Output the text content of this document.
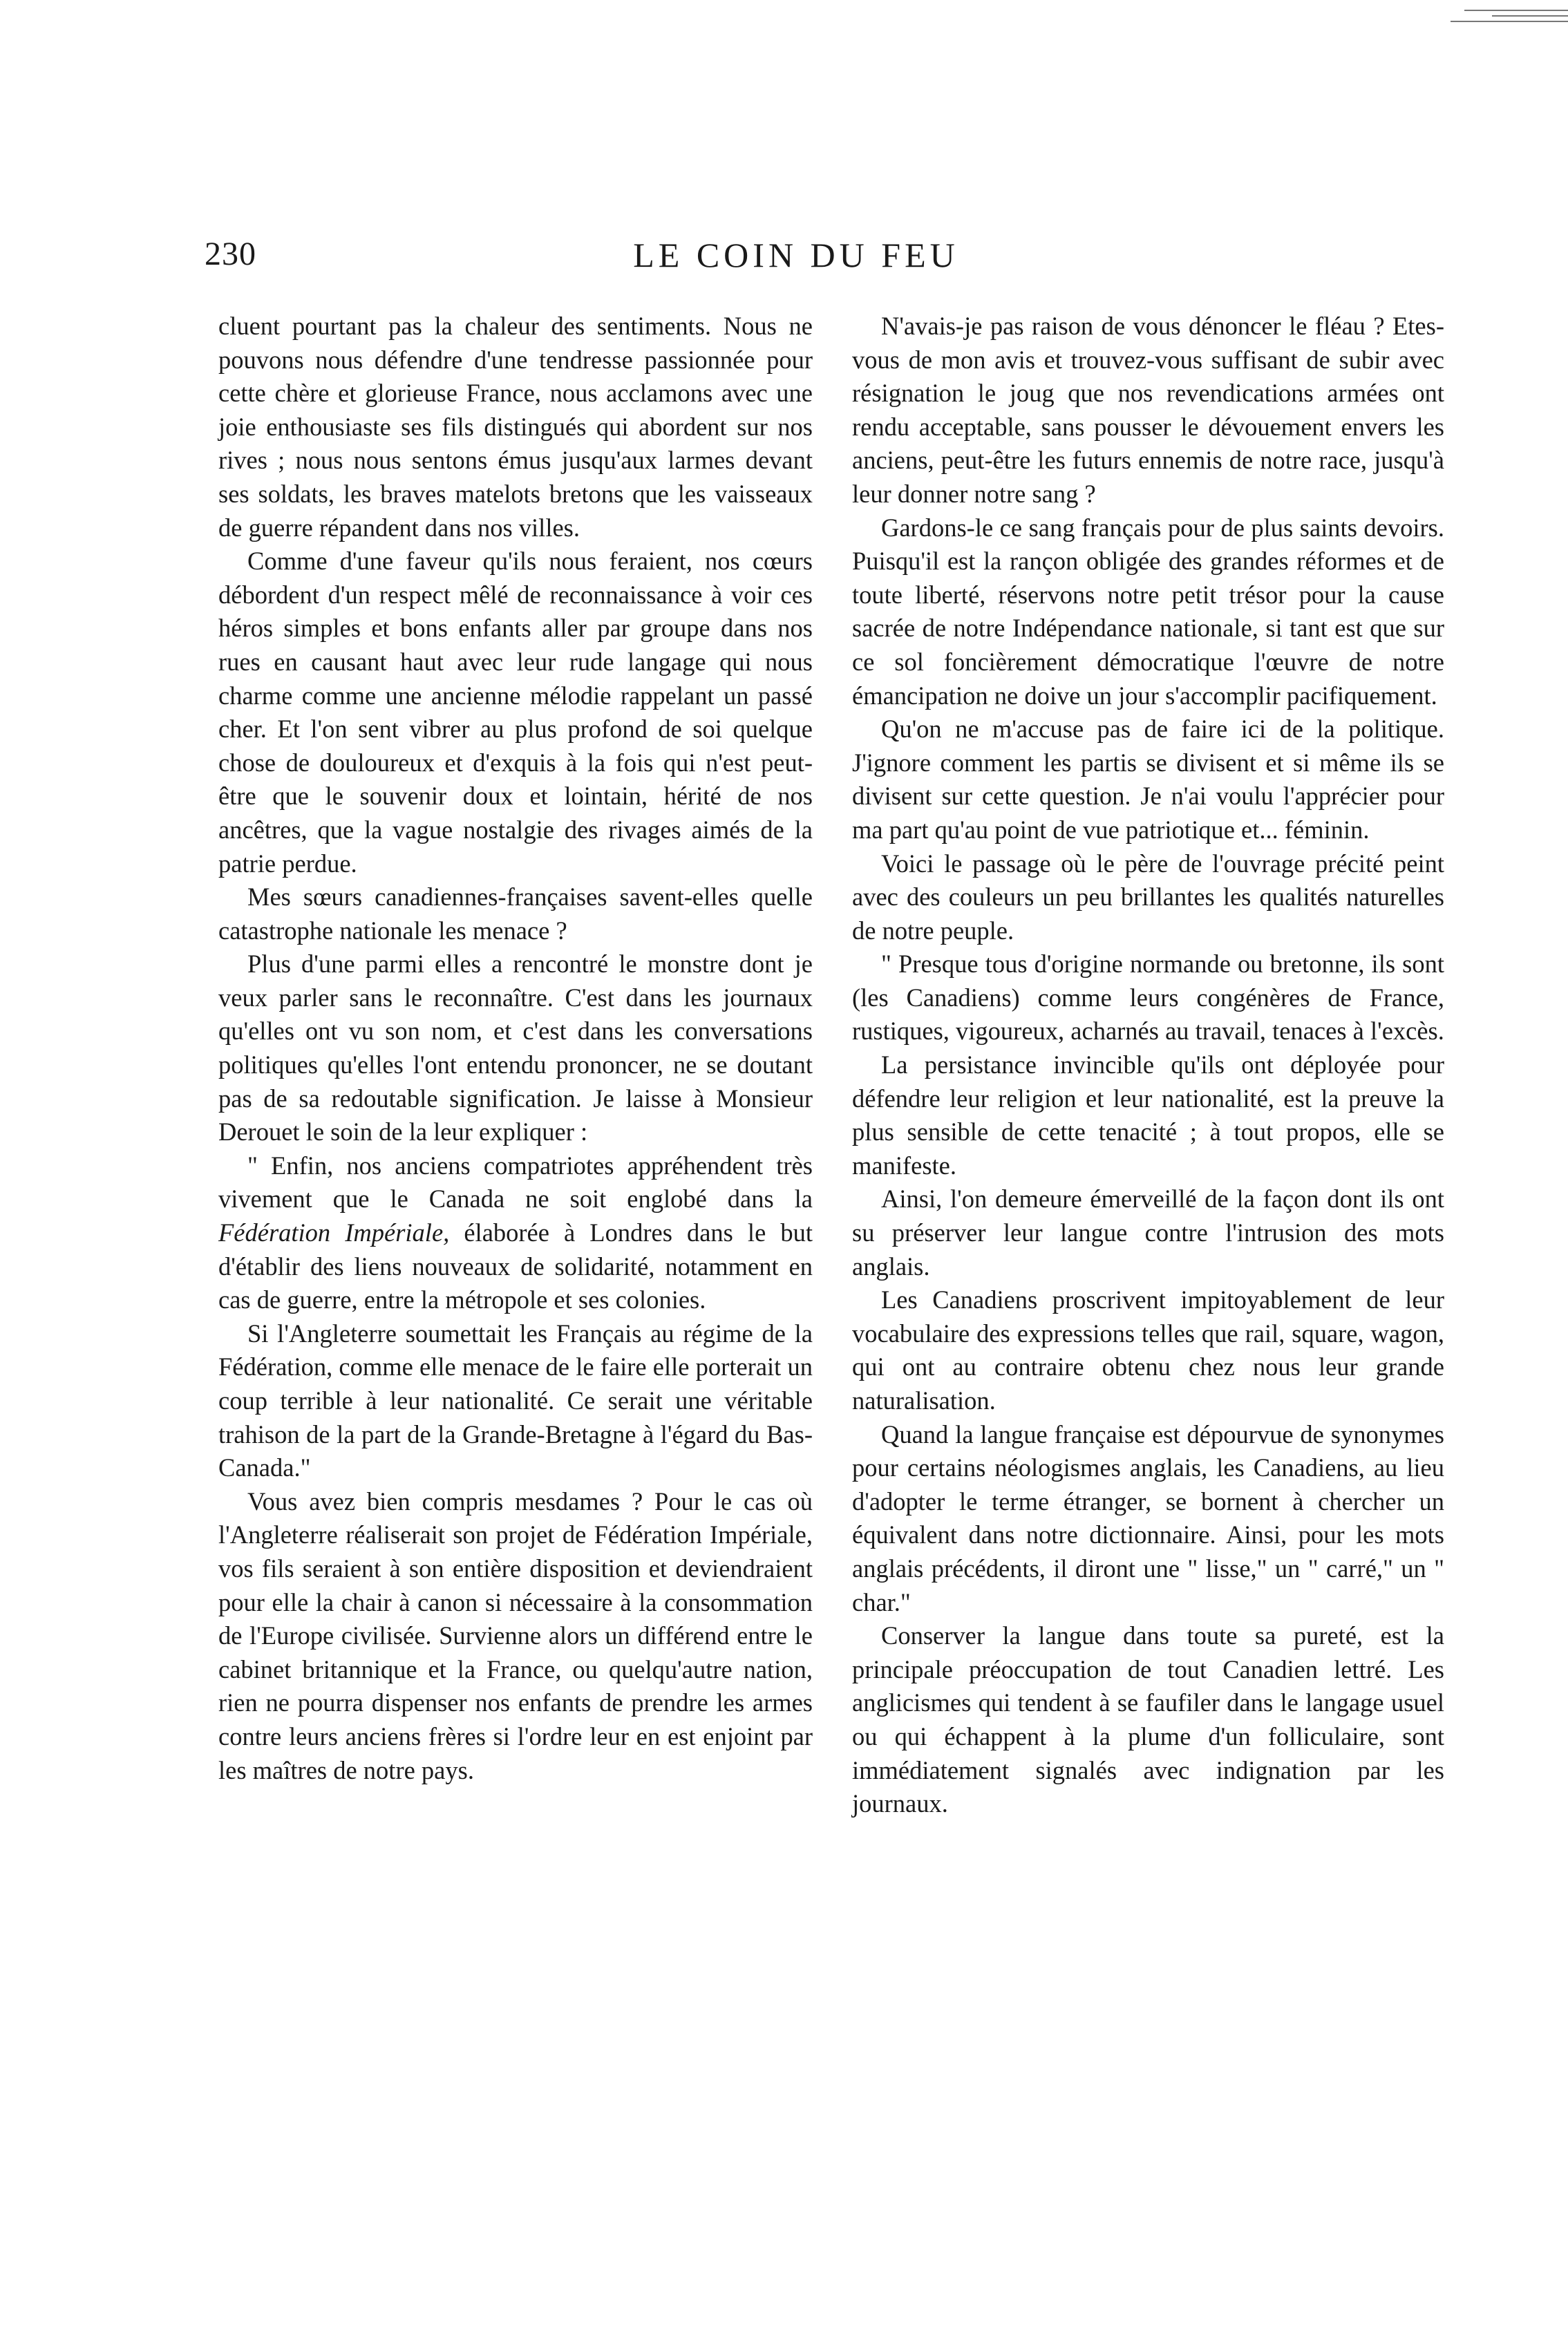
230	LE COIN DU FEU

cluent pourtant pas la chaleur des sentiments. Nous ne pouvons nous défendre d'une tendresse passionnée pour cette chère et glorieuse France, nous acclamons avec une joie enthousiaste ses fils distingués qui abordent sur nos rives ; nous nous sentons émus jusqu'aux larmes devant ses soldats, les braves matelots bretons que les vaisseaux de guerre répandent dans nos villes.

Comme d'une faveur qu'ils nous feraient, nos cœurs débordent d'un respect mêlé de reconnaissance à voir ces héros simples et bons enfants aller par groupe dans nos rues en causant haut avec leur rude langage qui nous charme comme une ancienne mélodie rappelant un passé cher. Et l'on sent vibrer au plus profond de soi quelque chose de douloureux et d'exquis à la fois qui n'est peut-être que le souvenir doux et lointain, hérité de nos ancêtres, que la vague nostalgie des rivages aimés de la patrie perdue.

Mes sœurs canadiennes-françaises savent-elles quelle catastrophe nationale les menace ?

Plus d'une parmi elles a rencontré le monstre dont je veux parler sans le reconnaître. C'est dans les journaux qu'elles ont vu son nom, et c'est dans les conversations politiques qu'elles l'ont entendu prononcer, ne se doutant pas de sa redoutable signification. Je laisse à Monsieur Derouet le soin de la leur expliquer :

" Enfin, nos anciens compatriotes appréhendent très vivement que le Canada ne soit englobé dans la Fédération Impériale, élaborée à Londres dans le but d'établir des liens nouveaux de solidarité, notamment en cas de guerre, entre la métropole et ses colonies.

Si l'Angleterre soumettait les Français au régime de la Fédération, comme elle menace de le faire elle porterait un coup terrible à leur nationalité. Ce serait une véritable trahison de la part de la Grande-Bretagne à l'égard du Bas-Canada."

Vous avez bien compris mesdames ? Pour le cas où l'Angleterre réaliserait son projet de Fédération Impériale, vos fils seraient à son entière disposition et deviendraient pour elle la chair à canon si nécessaire à la consommation de l'Europe civilisée. Survienne alors un différend entre le cabinet britannique et la France, ou quelqu'autre nation, rien ne pourra dispenser nos enfants de prendre les armes contre leurs anciens frères si l'ordre leur en est enjoint par les maîtres de notre pays.

N'avais-je pas raison de vous dénoncer le fléau ? Etes-vous de mon avis et trouvez-vous suffisant de subir avec résignation le joug que nos revendications armées ont rendu acceptable, sans pousser le dévouement envers les anciens, peut-être les futurs ennemis de notre race, jusqu'à leur donner notre sang ?

Gardons-le ce sang français pour de plus saints devoirs. Puisqu'il est la rançon obligée des grandes réformes et de toute liberté, réservons notre petit trésor pour la cause sacrée de notre Indépendance nationale, si tant est que sur ce sol foncièrement démocratique l'œuvre de notre émancipation ne doive un jour s'accomplir pacifiquement.

Qu'on ne m'accuse pas de faire ici de la politique. J'ignore comment les partis se divisent et si même ils se divisent sur cette question. Je n'ai voulu l'apprécier pour ma part qu'au point de vue patriotique et... féminin.

Voici le passage où le père de l'ouvrage précité peint avec des couleurs un peu brillantes les qualités naturelles de notre peuple.

" Presque tous d'origine normande ou bretonne, ils sont (les Canadiens) comme leurs congénères de France, rustiques, vigoureux, acharnés au travail, tenaces à l'excès.

La persistance invincible qu'ils ont déployée pour défendre leur religion et leur nationalité, est la preuve la plus sensible de cette tenacité ; à tout propos, elle se manifeste.

Ainsi, l'on demeure émerveillé de la façon dont ils ont su préserver leur langue contre l'intrusion des mots anglais.

Les Canadiens proscrivent impitoyablement de leur vocabulaire des expressions telles que rail, square, wagon, qui ont au contraire obtenu chez nous leur grande naturalisation.

Quand la langue française est dépourvue de synonymes pour certains néologismes anglais, les Canadiens, au lieu d'adopter le terme étranger, se bornent à chercher un équivalent dans notre dictionnaire. Ainsi, pour les mots anglais précédents, il diront une " lisse," un " carré," un " char."

Conserver la langue dans toute sa pureté, est la principale préoccupation de tout Canadien lettré. Les anglicismes qui tendent à se faufiler dans le langage usuel ou qui échappent à la plume d'un folliculaire, sont immédiatement signalés avec indignation par les journaux.
